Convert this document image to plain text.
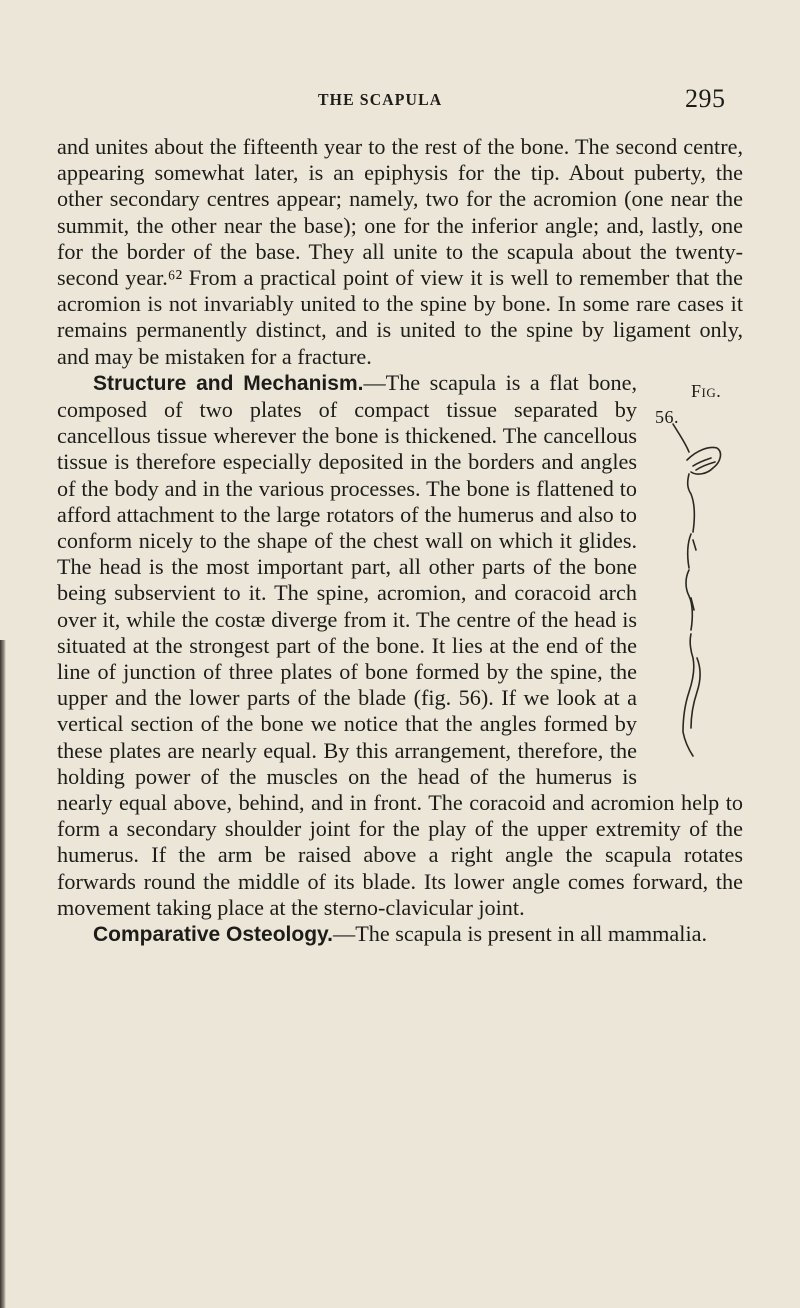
THE SCAPULA	295

and unites about the fifteenth year to the rest of the bone. The second centre, appearing somewhat later, is an epiphysis for the tip. About puberty, the other secondary centres appear; namely, two for the acromion (one near the summit, the other near the base); one for the inferior angle; and, lastly, one for the border of the base. They all unite to the scapula about the twenty-second year.⁶² From a practical point of view it is well to remember that the acromion is not invariably united to the spine by bone. In some rare cases it remains permanently distinct, and is united to the spine by ligament only, and may be mistaken for a fracture.

Fig. 56.
Structure and Mechanism.—The scapula is a flat bone, composed of two plates of compact tissue separated by cancellous tissue wherever the bone is thickened. The cancellous tissue is therefore especially deposited in the borders and angles of the body and in the various processes. The bone is flattened to afford attachment to the large rotators of the humerus and also to conform nicely to the shape of the chest wall on which it glides. The head is the most important part, all other parts of the bone being subservient to it. The spine, acromion, and coracoid arch over it, while the costæ diverge from it. The centre of the head is situated at the strongest part of the bone. It lies at the end of the line of junction of three plates of bone formed by the spine, the upper and the lower parts of the blade (fig. 56). If we look at a vertical section of the bone we notice that the angles formed by these plates are nearly equal. By this arrangement, therefore, the holding power of the muscles on the head of the humerus is nearly equal above, behind, and in front. The coracoid and acromion help to form a secondary shoulder joint for the play of the upper extremity of the humerus. If the arm be raised above a right angle the scapula rotates forwards round the middle of its blade. Its lower angle comes forward, the movement taking place at the sterno-clavicular joint.

Comparative Osteology.—The scapula is present in all mammalia.
